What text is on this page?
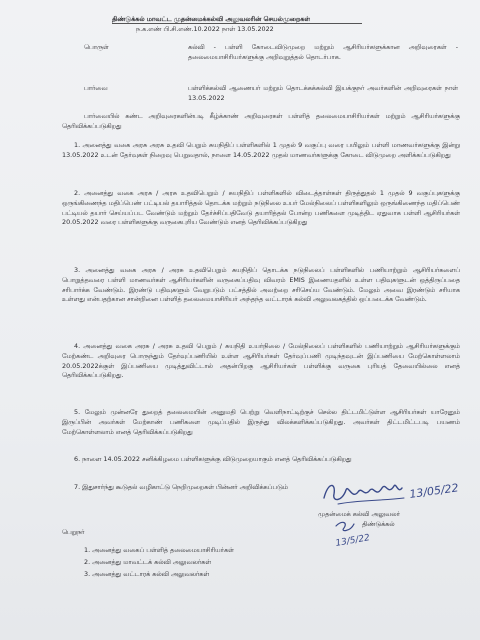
திண்டுக்கல் மாவட்ட முதன்மைக்கல்வி அலுவலரின் செயல்முறைகள்
ந.க.எண் பி.சி.எண்.10.2022 நாள் 13.05.2022
பொருள்	கல்வி - பள்ளி கோடைவிடுமுறை மற்றும் ஆசிரியர்களுக்கான அறிவுரைகள் - தலைமையாசிரியர்களுக்கு அறிவுறுத்தல் தொடர்பாக.
பார்வை	பள்ளிக்கல்வி ஆணையர் மற்றும் தொடக்கக்கல்வி இயக்குநர் அவர்களின் அறிவுரைகள் நாள் 13.05.2022
பார்வையில் கண்ட அறிவுரைகளின்படி கீழ்க்காண் அறிவுரைகள் பள்ளித் தலைமையாசிரியர்கள் மற்றும் ஆசிரியர்களுக்கு தெரிவிக்கப்படுகிறது
1. அனைத்து வகை அரசு அரசு உதவி பெறும் சுயநிதிப் பள்ளிகளில் 1 முதல் 9 வகுப்பு வரை பயிலும் பள்ளி மாணவர்களுக்கு இன்று 13.05.2022 உடன் தேர்வுகள் நிறைவு பெறுவதால், நாளை 14.05.2022 முதல் மாணவர்களுக்கு கோடை விடுமுறை அளிக்கப்படுகிறது
2. அனைத்து வகை அரசு / அரசு உதவிபெறும் / சுயநிதிப் பள்ளிகளில் விடைத்தாள்கள் திருத்துதல் 1 முதல் 9 வகுப்புகளுக்கு ஒருங்கிணைந்த மதிப்பெண் பட்டியல் தயாரித்தல் தொடக்க மற்றும் நடுநிலை உயர் மேல்நிலைப் பள்ளிகளிலும் ஒருங்கிணைந்த மதிப்பெண் பட்டியல் தயார் செய்யப்பட வேண்டும் மற்றும் தேர்ச்சிப்பதிவேடு தயாரித்தல் போன்ற பணிகளை முடித்திட ஏதுவாக பள்ளி ஆசிரியர்கள் 20.05.2022 வரை பள்ளிகளுக்கு வருகைபுரிய வேண்டும் எனத் தெரிவிக்கப்படுகிறது
3. அனைத்து வகை அரசு / அரசு உதவிபெறும் சுயநிதிப் தொடக்க நடுநிலைப் பள்ளிகளில் பணியாற்றும் ஆசிரியர்களைப் பொறுத்தவரை பள்ளி மாணவர்கள் ஆசிரியர்களின் வருகைப்பதிவு விவரம் EMIS இணையதளில் உள்ள பதிவுகளுடன் ஒத்திருப்பதை சரிபார்க்க வேண்டும். இரண்டு பதிவுகளும் வேறுபடும் பட்சத்தில் அவற்றை சரிசெய்ய வேண்டும். மேலும் அவை இரண்டும் சரியாக உள்ளது என்பதற்கான சான்றினை பள்ளித் தலைமையாசிரியர் அந்தந்த வட்டாரக் கல்வி அலுவலகத்தில் ஒப்படைக்க வேண்டும்.
4. அனைத்து வகை அரசு / அரசு உதவி பெறும் / சுயநிதி உயர்நிலை / மேல்நிலைப் பள்ளிகளில் பணியாற்றும் ஆசிரியர்களுக்கும் மேற்கண்ட அறிவுரை பொருந்தும் தேர்வுப்பணியில் உள்ள ஆசிரியர்கள் தேர்வுப்பணி முடிந்தவுடன் இப்பணியை மேற்கொள்ளலாம் 20.05.2022க்குள் இப்பணியை முடித்துவிட்டால் அதன்பிறகு ஆசிரியர்கள் பள்ளிக்கு வருகை புரியத் தேவையில்லை எனத் தெரிவிக்கப்படுகிறது.
5. மேலும் முன்னரே துறைத் தலைமையின் அனுமதி பெற்று வெளிநாட்டிற்குச் செல்ல திட்டமிட்டுள்ள ஆசிரியர்கள் யாரேனும் இருப்பின் அவர்கள் மேற்காண் பணிகளை முடிப்பதில் இருந்து விலக்களிக்கப்படுகிறது. அவர்கள் திட்டமிட்டபடி பயணம் மேற்கொள்ளலாம் எனத் தெரிவிக்கப்படுகிறது
6. நாளை 14.05.2022 சனிக்கிழமை பள்ளிகளுக்கு விடுமுறையாகும் எனத் தெரிவிக்கப்படுகிறது
7. இதுசார்ந்து கூடுதல் வழிகாட்டு நெறிமுறைகள் பின்னர் அறிவிக்கப்படும்	13/05/22
முதன்மைக் கல்வி அலுவலர்
திண்டுக்கல்
13/5/22
பெறுநர்
1. அனைத்து வகைப் பள்ளித் தலைமையாசிரியர்கள்
2. அனைத்து மாவட்டக் கல்வி அலுவலர்கள்
3. அனைத்து வட்டாரக் கல்வி அலுவலர்கள்
